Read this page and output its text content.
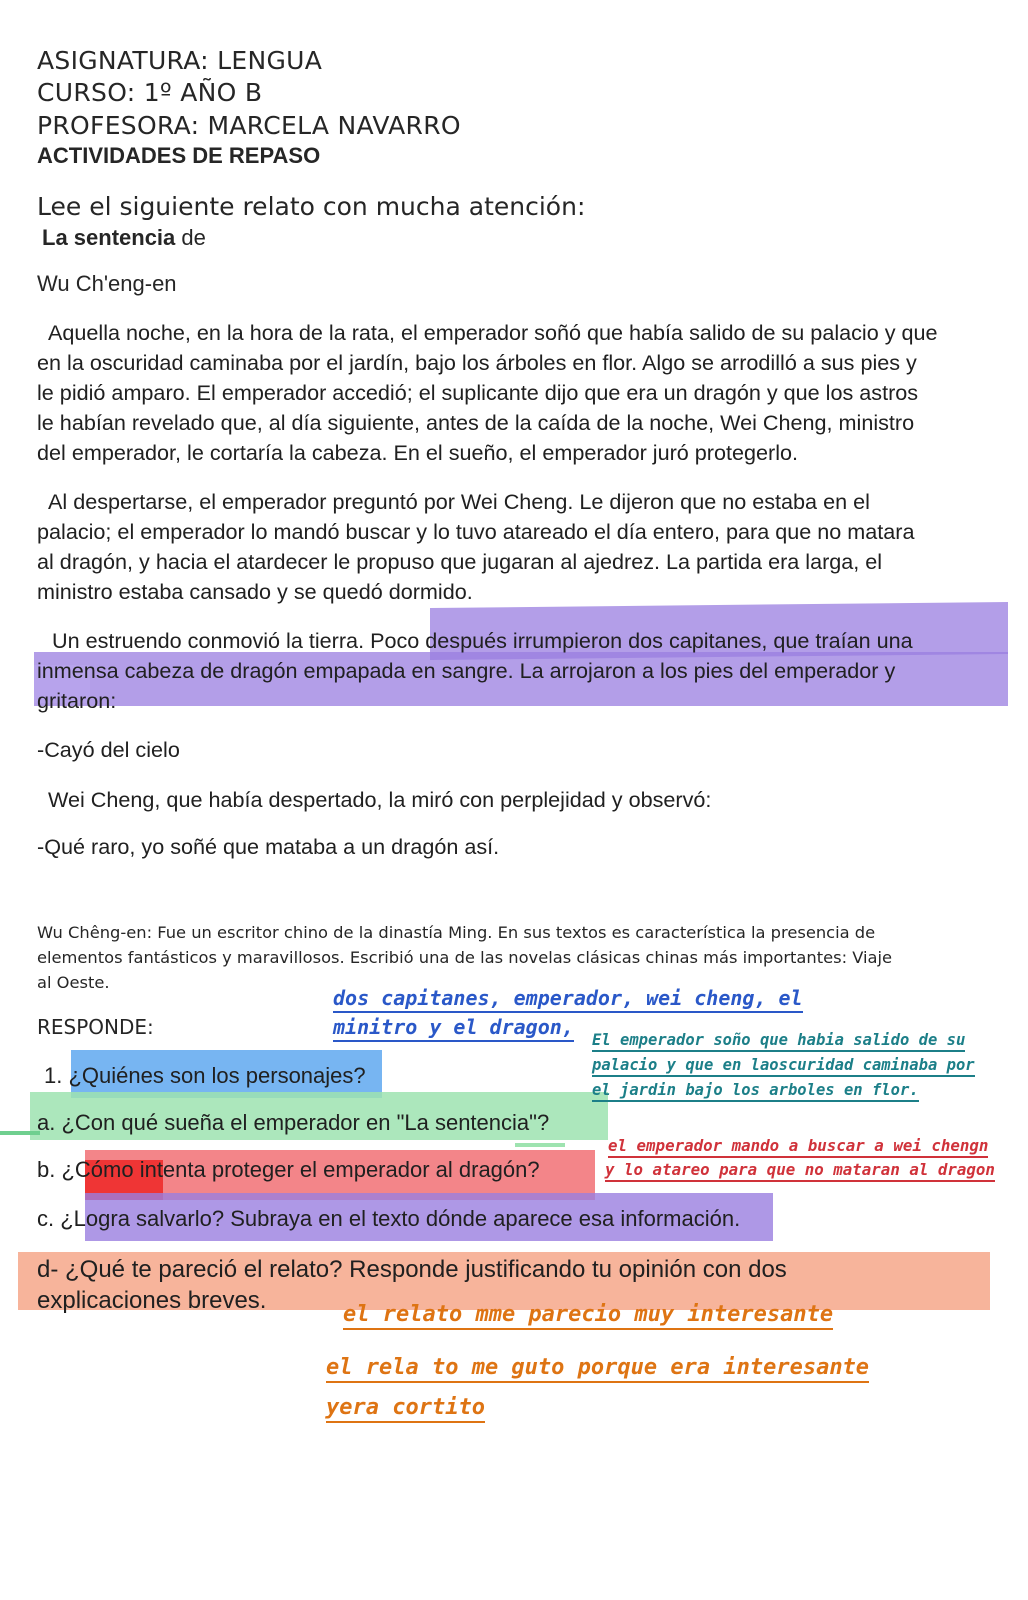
ASIGNATURA: LENGUA
CURSO: 1º AÑO B
PROFESORA: MARCELA NAVARRO
ACTIVIDADES DE REPASO
Lee el siguiente relato con mucha atención:
La sentencia de
Wu Ch'eng-en
Aquella noche, en la hora de la rata, el emperador soñó que había salido de su palacio y que
en la oscuridad caminaba por el jardín, bajo los árboles en flor. Algo se arrodilló a sus pies y
le pidió amparo. El emperador accedió; el suplicante dijo que era un dragón y que los astros
le habían revelado que, al día siguiente, antes de la caída de la noche, Wei Cheng, ministro
del emperador, le cortaría la cabeza. En el sueño, el emperador juró protegerlo.
Al despertarse, el emperador preguntó por Wei Cheng. Le dijeron que no estaba en el
palacio; el emperador lo mandó buscar y lo tuvo atareado el día entero, para que no matara
al dragón, y hacia el atardecer le propuso que jugaran al ajedrez. La partida era larga, el
ministro estaba cansado y se quedó dormido.
Un estruendo conmovió la tierra. Poco después irrumpieron dos capitanes, que traían una
inmensa cabeza de dragón empapada en sangre. La arrojaron a los pies del emperador y
gritaron:
-Cayó del cielo
Wei Cheng, que había despertado, la miró con perplejidad y observó:
-Qué raro, yo soñé que mataba a un dragón así.
Wu Chêng-en: Fue un escritor chino de la dinastía Ming. En sus textos es característica la presencia de
elementos fantásticos y maravillosos. Escribió una de las novelas clásicas chinas más importantes: Viaje
al Oeste.
RESPONDE:
1. ¿Quiénes son los personajes?
a. ¿Con qué sueña el emperador en "La sentencia"?
b. ¿Cómo intenta proteger el emperador al dragón?
c. ¿Logra salvarlo? Subraya en el texto dónde aparece esa información.
d- ¿Qué te pareció el relato? Responde justificando tu opinión con dos
explicaciones breves.
dos capitanes, emperador, wei cheng, el
minitro y el dragon,
El emperador soño que habia salido de su
palacio y que en laoscuridad caminaba por
el jardin bajo los arboles en flor.
el emperador mando a buscar a wei chengn
y lo atareo para que no mataran al dragon
el relato mme parecio muy interesante
el rela to me guto porque era interesante
yera cortito
